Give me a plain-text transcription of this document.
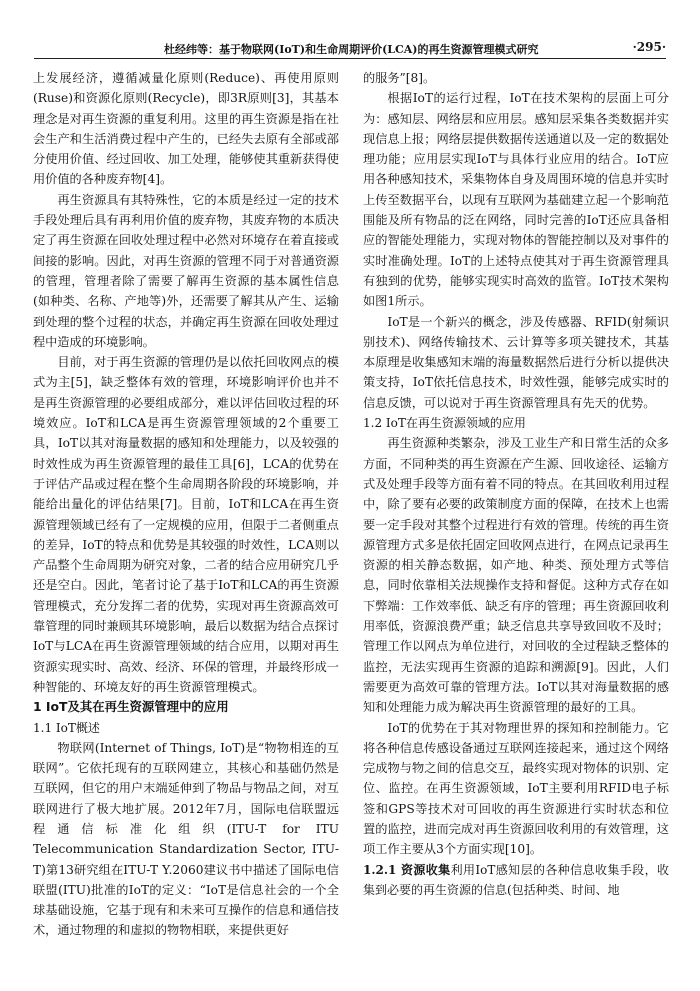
杜经纬等：基于物联网(IoT)和生命周期评价(LCA)的再生资源管理模式研究	·295·

上发展经济，遵循减量化原则(Reduce)、再使用原则(Ruse)和资源化原则(Recycle)，即3R原则[3]，其基本理念是对再生资源的重复利用。这里的再生资源是指在社会生产和生活消费过程中产生的，已经失去原有全部或部分使用价值、经过回收、加工处理，能够使其重新获得使用价值的各种废弃物[4]。

再生资源具有其特殊性，它的本质是经过一定的技术手段处理后具有再利用价值的废弃物，其废弃物的本质决定了再生资源在回收处理过程中必然对环境存在着直接或间接的影响。因此，对再生资源的管理不同于对普通资源的管理，管理者除了需要了解再生资源的基本属性信息(如种类、名称、产地等)外，还需要了解其从产生、运输到处理的整个过程的状态，并确定再生资源在回收处理过程中造成的环境影响。

目前，对于再生资源的管理仍是以依托回收网点的模式为主[5]，缺乏整体有效的管理，环境影响评价也并不是再生资源管理的必要组成部分，难以评估回收过程的环境效应。IoT和LCA是再生资源管理领域的2个重要工具，IoT以其对海量数据的感知和处理能力，以及较强的时效性成为再生资源管理的最佳工具[6]，LCA的优势在于评估产品或过程在整个生命周期各阶段的环境影响，并能给出量化的评估结果[7]。目前，IoT和LCA在再生资源管理领域已经有了一定规模的应用，但限于二者侧重点的差异，IoT的特点和优势是其较强的时效性，LCA则以产品整个生命周期为研究对象，二者的结合应用研究几乎还是空白。因此，笔者讨论了基于IoT和LCA的再生资源管理模式，充分发挥二者的优势，实现对再生资源高效可靠管理的同时兼顾其环境影响，最后以数据为结合点探讨IoT与LCA在再生资源管理领域的结合应用，以期对再生资源实现实时、高效、经济、环保的管理，并最终形成一种智能的、环境友好的再生资源管理模式。

1 IoT及其在再生资源管理中的应用
1.1 IoT概述

物联网(Internet of Things, IoT)是“物物相连的互联网”。它依托现有的互联网建立，其核心和基础仍然是互联网，但它的用户末端延伸到了物品与物品之间，对互联网进行了极大地扩展。2012年7月，国际电信联盟远程通信标准化组织(ITU-T for ITU Telecommunication Standardization Sector, ITU-T)第13研究组在ITU-T Y.2060建议书中描述了国际电信联盟(ITU)批准的IoT的定义：“IoT是信息社会的一个全球基础设施，它基于现有和未来可互操作的信息和通信技术，通过物理的和虚拟的物物相联，来提供更好

的服务”[8]。

根据IoT的运行过程，IoT在技术架构的层面上可分为：感知层、网络层和应用层。感知层采集各类数据并实现信息上报；网络层提供数据传送通道以及一定的数据处理功能；应用层实现IoT与具体行业应用的结合。IoT应用各种感知技术，采集物体自身及周围环境的信息并实时上传至数据平台，以现有互联网为基础建立起一个影响范围能及所有物品的泛在网络，同时完善的IoT还应具备相应的智能处理能力，实现对物体的智能控制以及对事件的实时准确处理。IoT的上述特点使其对于再生资源管理具有独到的优势，能够实现实时高效的监管。IoT技术架构如图1所示。

IoT是一个新兴的概念，涉及传感器、RFID(射频识别技术)、网络传输技术、云计算等多项关键技术，其基本原理是收集感知末端的海量数据然后进行分析以提供决策支持，IoT依托信息技术，时效性强，能够完成实时的信息反馈，可以说对于再生资源管理具有先天的优势。

1.2 IoT在再生资源领域的应用

再生资源种类繁杂，涉及工业生产和日常生活的众多方面，不同种类的再生资源在产生源、回收途径、运输方式及处理手段等方面有着不同的特点。在其回收利用过程中，除了要有必要的政策制度方面的保障，在技术上也需要一定手段对其整个过程进行有效的管理。传统的再生资源管理方式多是依托固定回收网点进行，在网点记录再生资源的相关静态数据，如产地、种类、预处理方式等信息，同时依靠相关法规操作支持和督促。这种方式存在如下弊端：工作效率低、缺乏有序的管理；再生资源回收利用率低，资源浪费严重；缺乏信息共享导致回收不及时；管理工作以网点为单位进行，对回收的全过程缺乏整体的监控，无法实现再生资源的追踪和溯源[9]。因此，人们需要更为高效可靠的管理方法。IoT以其对海量数据的感知和处理能力成为解决再生资源管理的最好的工具。

IoT的优势在于其对物理世界的探知和控制能力。它将各种信息传感设备通过互联网连接起来，通过这个网络完成物与物之间的信息交互，最终实现对物体的识别、定位、监控。在再生资源领域，IoT主要利用RFID电子标签和GPS等技术对可回收的再生资源进行实时状态和位置的监控，进而完成对再生资源回收利用的有效管理，这项工作主要从3个方面实现[10]。

1.2.1 资源收集利用IoT感知层的各种信息收集手段，收集到必要的再生资源的信息(包括种类、时间、地
